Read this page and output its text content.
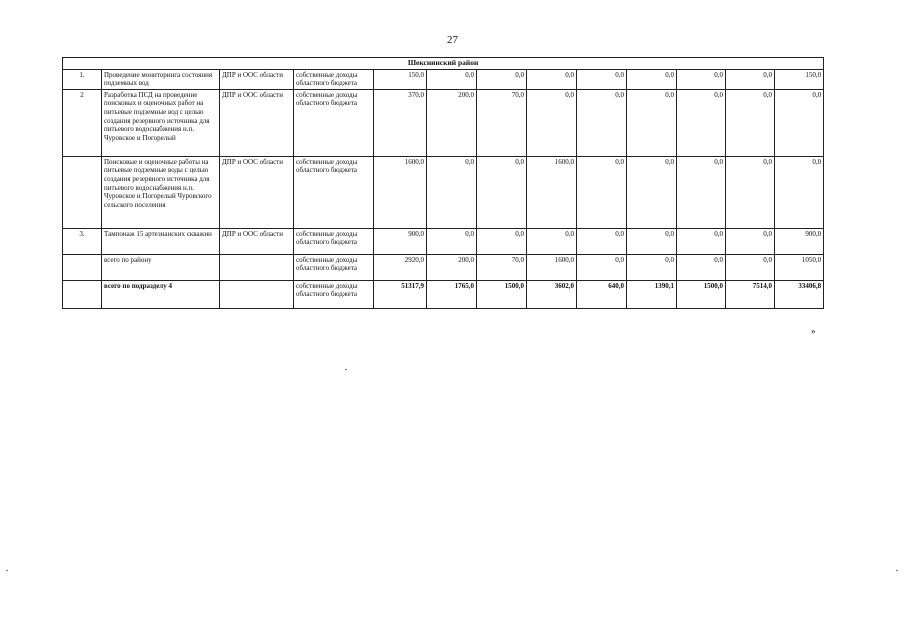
27
Шекснинский район												
1.	Проведение мониторинга состояния подземных вод	ДПР и ООС области	собственные доходы областного бюджета	150,0	0,0	0,0	0,0	0,0	0,0	0,0	0,0	150,0
2	Разработка ПСД на проведение поисковых и оценочных работ на питьевые подземные вод с целью создания резервного источника для питьевого водоснабжения н.п. Чуровское и Погорелый	ДПР и ООС области	собственные доходы областного бюджета	370,0	200,0	70,0	0,0	0,0	0,0	0,0	0,0	0,0
	Поисковые и оценочные работы на питьевые подземные воды с целью создания резервного источника для питьевого водоснабжения н.п. Чуровское и Погорелый Чуровского сельского поселения	ДПР и ООС области	собственные доходы областного бюджета	1600,0	0,0	0,0	1600,0	0,0	0,0	0,0	0,0	0,0
3.	Тампонаж 15 артезианских скважин	ДПР и ООС области	собственные доходы областного бюджета	900,0	0,0	0,0	0,0	0,0	0,0	0,0	0,0	900,0
	всего по району		собственные доходы областного бюджета	2920,0	200,0	70,0	1600,0	0,0	0,0	0,0	0,0	1050,0
	всего по подразделу 4		собственные доходы областного бюджета	51317,9	1765,0	1500,0	3602,0	640,0	1390,1	1500,0	7514,0	33406,8
»
